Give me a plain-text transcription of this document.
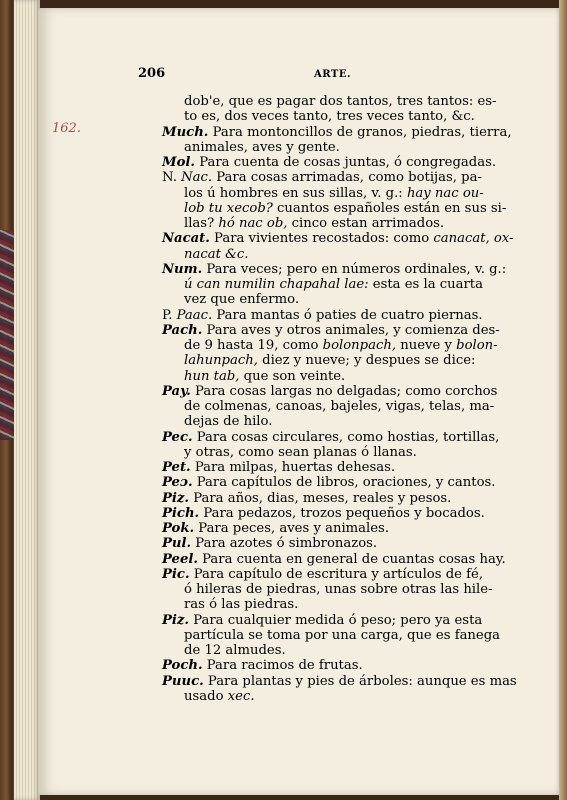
206	ARTE.
162.
dob'e, que es pagar dos tantos, tres tantos: es-
to es, dos veces tanto, tres veces tanto, &c.
Much. Para montoncillos de granos, piedras, tierra,
animales, aves y gente.
Mol. Para cuenta de cosas juntas, ó congregadas.
N. Nac. Para cosas arrimadas, como botijas, pa-
los ú hombres en sus sillas, v. g.: hay nac ou-
lob tu xecob? cuantos españoles están en sus si-
llas? hó nac ob, cinco estan arrimados.
Nacat. Para vivientes recostados: como canacat, ox-
nacat &c.
Num. Para veces; pero en números ordinales, v. g.:
ú can numilin chapahal lae: esta es la cuarta
vez que enfermo.
P. Paac. Para mantas ó paties de cuatro piernas.
Pach. Para aves y otros animales, y comienza des-
de 9 hasta 19, como bolonpach, nueve y bolon-
lahunpach, diez y nueve; y despues se dice:
hun tab, que son veinte.
Pay. Para cosas largas no delgadas; como corchos
de colmenas, canoas, bajeles, vigas, telas, ma-
dejas de hilo.
Pec. Para cosas circulares, como hostias, tortillas,
y otras, como sean planas ó llanas.
Pet. Para milpas, huertas dehesas.
Peɔ. Para capítulos de libros, oraciones, y cantos.
Piz. Para años, dias, meses, reales y pesos.
Pich. Para pedazos, trozos pequeños y bocados.
Pok. Para peces, aves y animales.
Pul. Para azotes ó simbronazos.
Peel. Para cuenta en general de cuantas cosas hay.
Pic. Para capítulo de escritura y artículos de fé,
ó hileras de piedras, unas sobre otras las hile-
ras ó las piedras.
Piz. Para cualquier medida ó peso; pero ya esta
partícula se toma por una carga, que es fanega
de 12 almudes.
Poch. Para racimos de frutas.
Puuc. Para plantas y pies de árboles: aunque es mas
usado xec.
